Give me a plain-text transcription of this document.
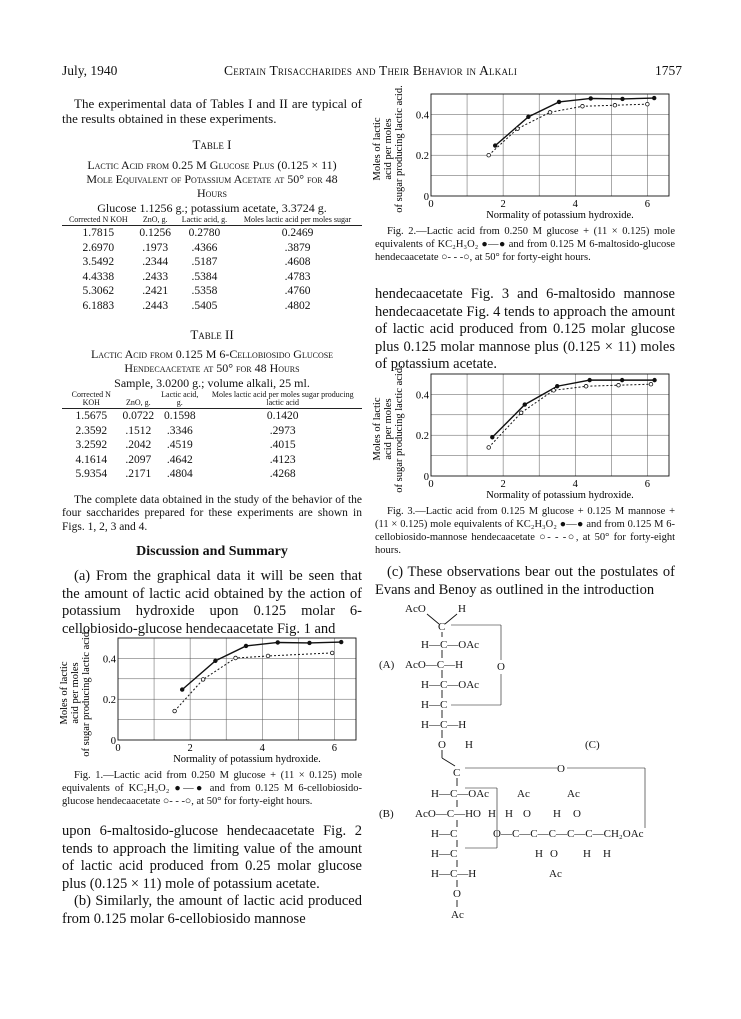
July, 1940	Certain Trisaccharides and Their Behavior in Alkali	1757
The experimental data of Tables I and II are typical of the results obtained in these experiments.
Table I
Lactic Acid from 0.25 M Glucose Plus (0.125 × 11)
Mole Equivalent of Potassium Acetate at 50° for 48
Hours
Glucose 1.1256 g.; potassium acetate, 3.3724 g.
Corrected N KOH	ZnO, g.	Lactic acid, g.	Moles lactic acid per moles sugar
1.7815	0.1256	0.2780	0.2469
2.6970	.1973	.4366	.3879
3.5492	.2344	.5187	.4608
4.4338	.2433	.5384	.4783
5.3062	.2421	.5358	.4760
6.1883	.2443	.5405	.4802
Table II
Lactic Acid from 0.125 M 6-Cellobiosido Glucose
Hendecaacetate at 50° for 48 Hours
Sample, 3.0200 g.; volume alkali, 25 ml.
Corrected N KOH	ZnO, g.	Lactic acid, g.	Moles lactic acid per moles sugar producing lactic acid
1.5675	0.0722	0.1598	0.1420
2.3592	.1512	.3346	.2973
3.2592	.2042	.4519	.4015
4.1614	.2097	.4642	.4123
5.9354	.2171	.4804	.4268
The complete data obtained in the study of the behavior of the four saccharides prepared for these experiments are shown in Figs. 1, 2, 3 and 4.
Discussion and Summary
(a) From the graphical data it will be seen that the amount of lactic acid obtained by the action of potassium hydroxide upon 0.125 molar 6-cellobiosido-glucose hendecaacetate Fig. 1 and
Moles of lacticacid per molesof sugar producing lactic acid. 0
0.2
0.4
0	2	4	6
Normality of potassium hydroxide.
Fig. 1.—Lactic acid from 0.250 M glucose + (11 × 0.125) mole equivalents of KC₂H₃O₂ ●—● and from 0.125 M 6-cellobiosido-glucose hendecaacetate ○- - -○, at 50° for forty-eight hours.
upon 6-maltosido-glucose hendecaacetate Fig. 2 tends to approach the limiting value of the amount of lactic acid produced from 0.25 molar glucose plus (0.125 × 11) mole of potassium acetate.
(b) Similarly, the amount of lactic acid produced from 0.125 molar 6-cellobiosido mannose
Moles of lacticacid per molesof sugar producing lactic acid. 0
0.2
0.4
0	2	4	6
Normality of potassium hydroxide.
Fig. 2.—Lactic acid from 0.250 M glucose + (11 × 0.125) mole equivalents of KC₂H₃O₂ ●—● and from 0.125 M 6-maltosido-glucose hendecaacetate ○- - -○, at 50° for forty-eight hours.
hendecaacetate Fig. 3 and 6-maltosido mannose hendecaacetate Fig. 4 tends to approach the amount of lactic acid produced from 0.125 molar glucose plus 0.125 molar mannose plus (0.125 × 11) moles of potassium acetate.
Moles of lacticacid per molesof sugar producing lactic acid. 0
0.2
0.4
0	2	4	6
Normality of potassium hydroxide.
Fig. 3.—Lactic acid from 0.125 M glucose + 0.125 M mannose + (11 × 0.125) mole equivalents of KC₂H₃O₂ ●—● and from 0.125 M 6-cellobiosido-mannose hendecaacetate ○- - -○, at 50° for forty-eight hours.
(c) These observations bear out the postulates of Evans and Benoy as outlined in the introduction
AcO	H
C
H—C—OAc
AcO—C—H
(A)
H—C—OAc
H—C
H—C—H
O
O H
C
H—C—OAc
AcO—C—H
(B)
H—C
H—C
H—C—H
O
Ac
O H
(C)
O
Ac	Ac
O H O
H
O—C—C—C—C—C—CH₂OAc
H O H H
Ac
